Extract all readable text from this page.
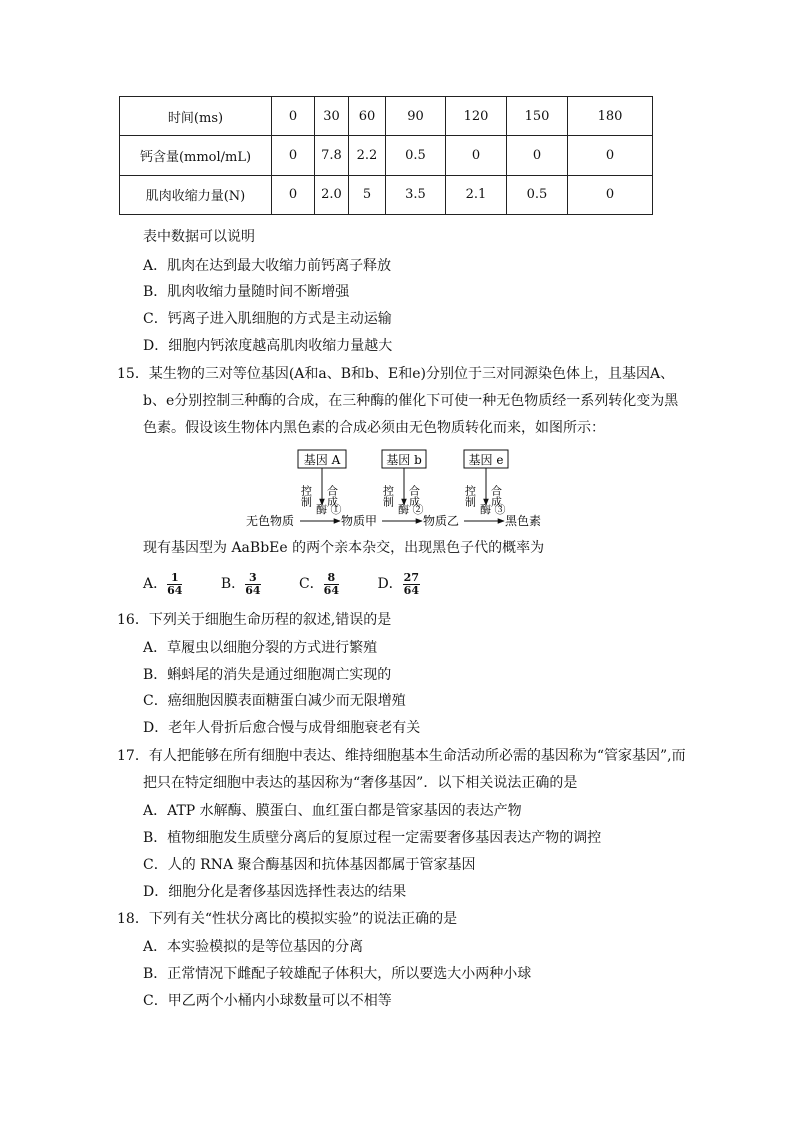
时间(ms)	0	30	60	90	120	150	180
钙含量(mmol/mL)	0	7.8	2.2	0.5	0	0	0
肌肉收缩力量(N)	0	2.0	5	3.5	2.1	0.5	0
表中数据可以说明
A．肌肉在达到最大收缩力前钙离子释放
B．肌肉收缩力量随时间不断增强
C．钙离子进入肌细胞的方式是主动运输
D．细胞内钙浓度越高肌肉收缩力量越大
15．某生物的三对等位基因(A和a、B和b、E和e)分别位于三对同源染色体上，且基因A、
b、e分别控制三种酶的合成，在三种酶的催化下可使一种无色物质经一系列转化变为黑
色素。假设该生物体内黑色素的合成必须由无色物质转化而来，如图所示：
基因 A	基因 b	基因 e
控制 合成	控制 合成	控制 合成
酶 ①	酶 ②	酶 ③
无色物质	物质甲	物质乙	黑色素
现有基因型为 AaBbEe 的两个亲本杂交，出现黑色子代的概率为
A． $\frac{1}{64}$	B． $\frac{3}{64}$	C． $\frac{8}{64}$	D． $\frac{27}{64}$
16．下列关于细胞生命历程的叙述,错误的是
A．草履虫以细胞分裂的方式进行繁殖
B．蝌蚪尾的消失是通过细胞凋亡实现的
C．癌细胞因膜表面糖蛋白减少而无限增殖
D．老年人骨折后愈合慢与成骨细胞衰老有关
17．有人把能够在所有细胞中表达、维持细胞基本生命活动所必需的基因称为“管家基因”,而
把只在特定细胞中表达的基因称为“奢侈基因”．以下相关说法正确的是
A．ATP 水解酶、膜蛋白、血红蛋白都是管家基因的表达产物
B．植物细胞发生质壁分离后的复原过程一定需要奢侈基因表达产物的调控
C．人的 RNA 聚合酶基因和抗体基因都属于管家基因
D．细胞分化是奢侈基因选择性表达的结果
18．下列有关“性状分离比的模拟实验”的说法正确的是
A．本实验模拟的是等位基因的分离
B．正常情况下雌配子较雄配子体积大，所以要选大小两种小球
C．甲乙两个小桶内小球数量可以不相等
